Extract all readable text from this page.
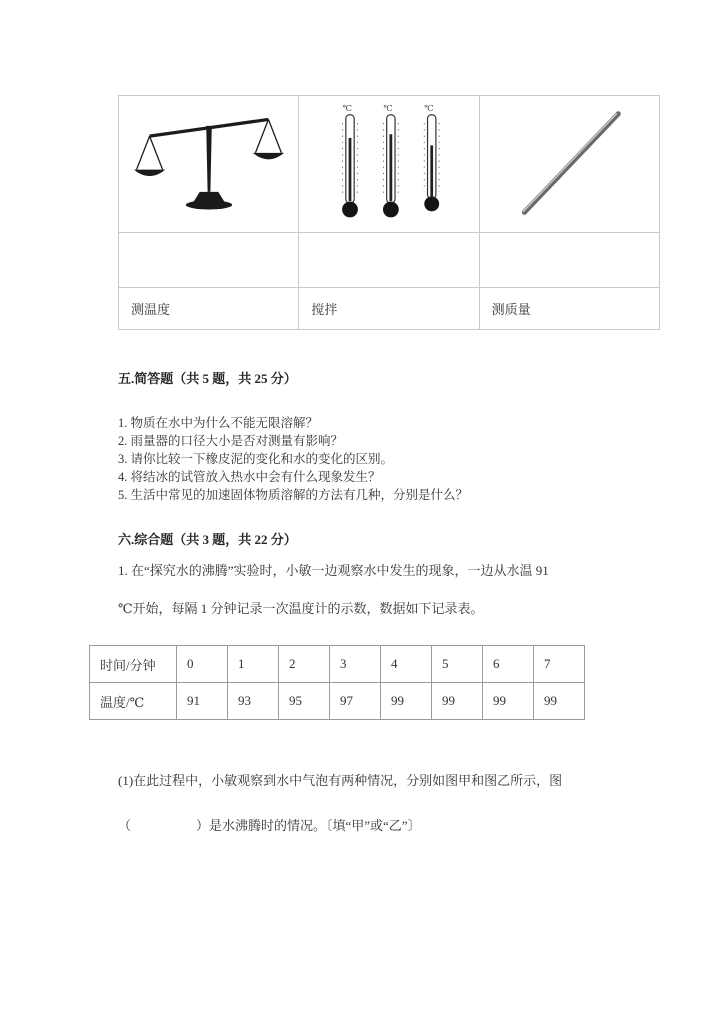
℃ ℃ ℃

测温度	搅拌	测质量
五.简答题（共 5 题，共 25 分）
1. 物质在水中为什么不能无限溶解？
2. 雨量器的口径大小是否对测量有影响？
3. 请你比较一下橡皮泥的变化和水的变化的区别。
4. 将结冰的试管放入热水中会有什么现象发生？
5. 生活中常见的加速固体物质溶解的方法有几种，分别是什么？
六.综合题（共 3 题，共 22 分）
1. 在“探究水的沸腾”实验时，小敏一边观察水中发生的现象，一边从水温 91
℃开始，每隔 1 分钟记录一次温度计的示数，数据如下记录表。
时间/分钟	0	1	2	3	4	5	6	7
温度/℃	91	93	95	97	99	99	99	99
(1)在此过程中，小敏观察到水中气泡有两种情况，分别如图甲和图乙所示，图
（　　　　　）是水沸腾时的情况。〔填“甲”或“乙”〕
